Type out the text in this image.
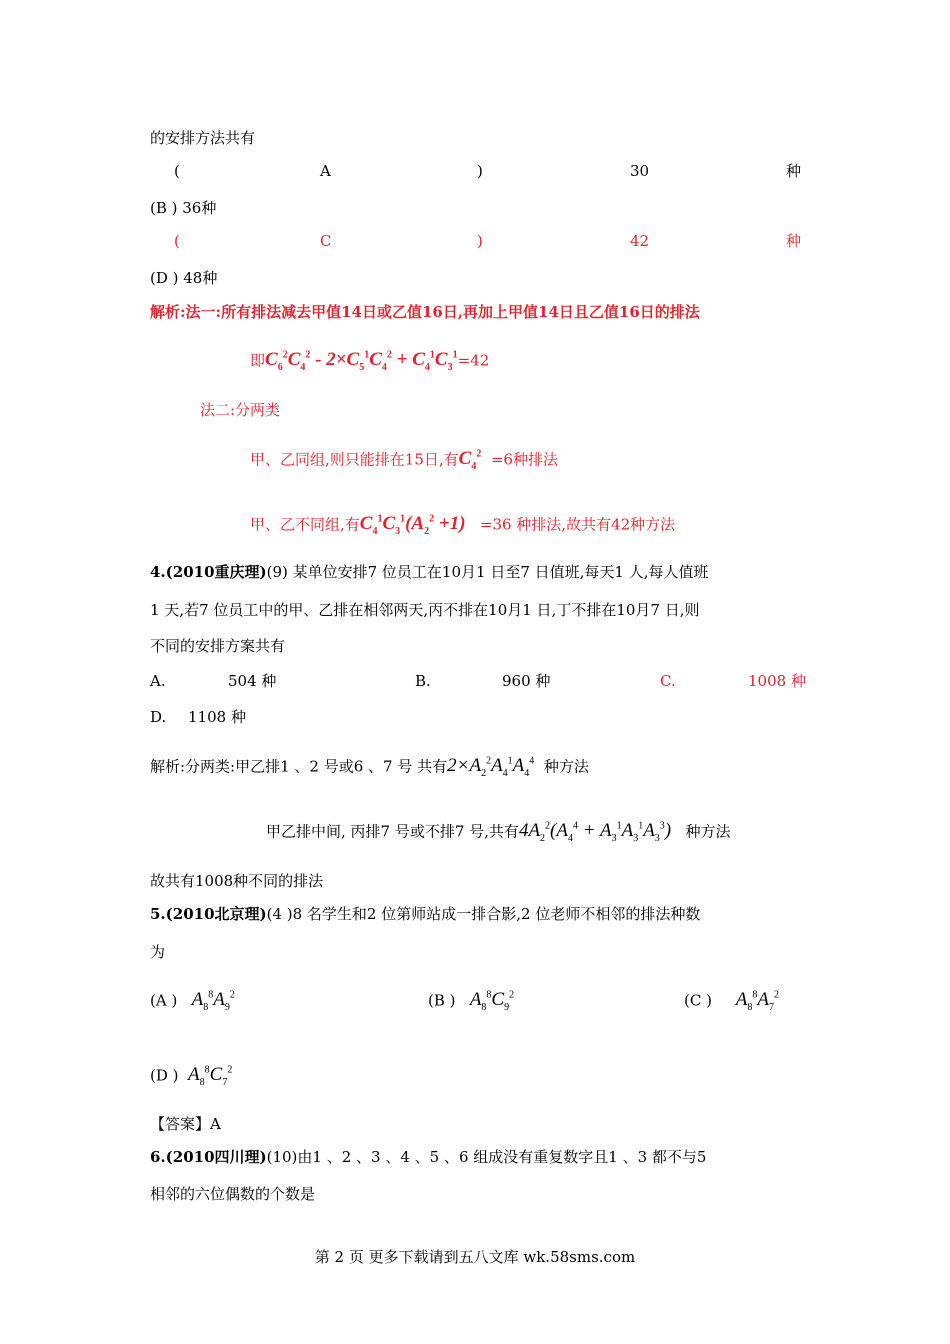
的安排方法共有
(	A	)	30	种
(B ) 36种
(	C	)	42	种
(D ) 48种
解析:法一:所有排法减去甲值14日或乙值16日,再加上甲值14日且乙值16日的排法
即$C_6^2C_4^2 - 2\times C_5^1C_4^2 + C_4^1C_3^1=42$
法二:分两类
甲、乙同组,则只能排在15日,有$C_4^2 =6$种排法
甲、乙不同组,有$C_4^1C_3^1(A_2^2 +1) =36$ 种排法,故共有42种方法
4.(2010重庆理)(9) 某单位安排7 位员工在10月1 日至7 日值班,每天1 人,每人值班
1 天,若7 位员工中的甲、乙排在相邻两天,丙不排在10月1 日,丁不排在10月7 日,则
不同的安排方案共有
A.	504 种	B.	960 种	C.	1008 种
D. 1108 种
解析:分两类:甲乙排1 、2 号或6 、7 号 共有$2\times A_2^2A_4^1A_4^4$ 种方法
甲乙排中间, 丙排7 号或不排7 号,共有$4A_2^2(A_4^4 + A_3^1A_3^1A_3^3)$ 种方法
故共有1008种不同的排法
5.(2010北京理)(4 )8 名学生和2 位第师站成一排合影,2 位老师不相邻的排法种数
为
(A ) $A_8^8A_9^2$	(B ) $A_8^8C_9^2$	(C ) $A_8^8A_7^2$
(D ) $A_8^8C_7^2$
【答案】A
6.(2010四川理)(10)由1 、2 、3 、4 、5 、6 组成没有重复数字且1 、3 都不与5
相邻的六位偶数的个数是
第 2 页 更多下载请到五八文库 wk.58sms.com
